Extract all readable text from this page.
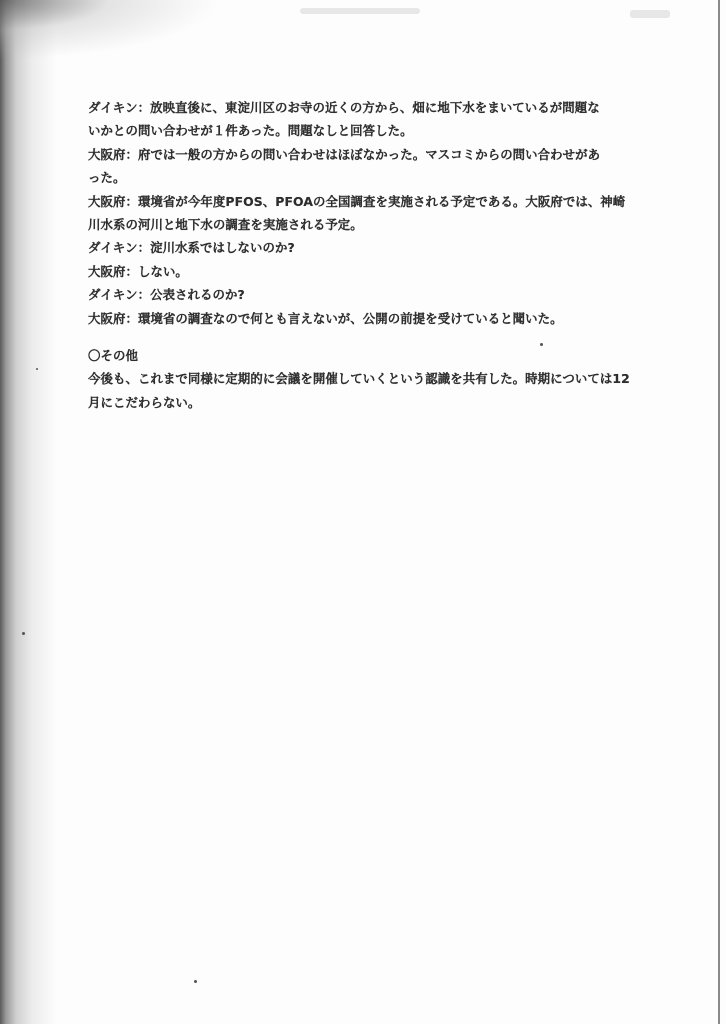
ダイキン：放映直後に、東淀川区のお寺の近くの方から、畑に地下水をまいているが問題な
いかとの問い合わせが１件あった。問題なしと回答した。
大阪府：府では一般の方からの問い合わせはほぼなかった。マスコミからの問い合わせがあ
った。
大阪府：環境省が今年度PFOS、PFOAの全国調査を実施される予定である。大阪府では、神崎
川水系の河川と地下水の調査を実施される予定。
ダイキン：淀川水系ではしないのか?
大阪府：しない。
ダイキン：公表されるのか?
大阪府：環境省の調査なので何とも言えないが、公開の前提を受けていると聞いた。
〇その他
今後も、これまで同様に定期的に会議を開催していくという認識を共有した。時期については12
月にこだわらない。
